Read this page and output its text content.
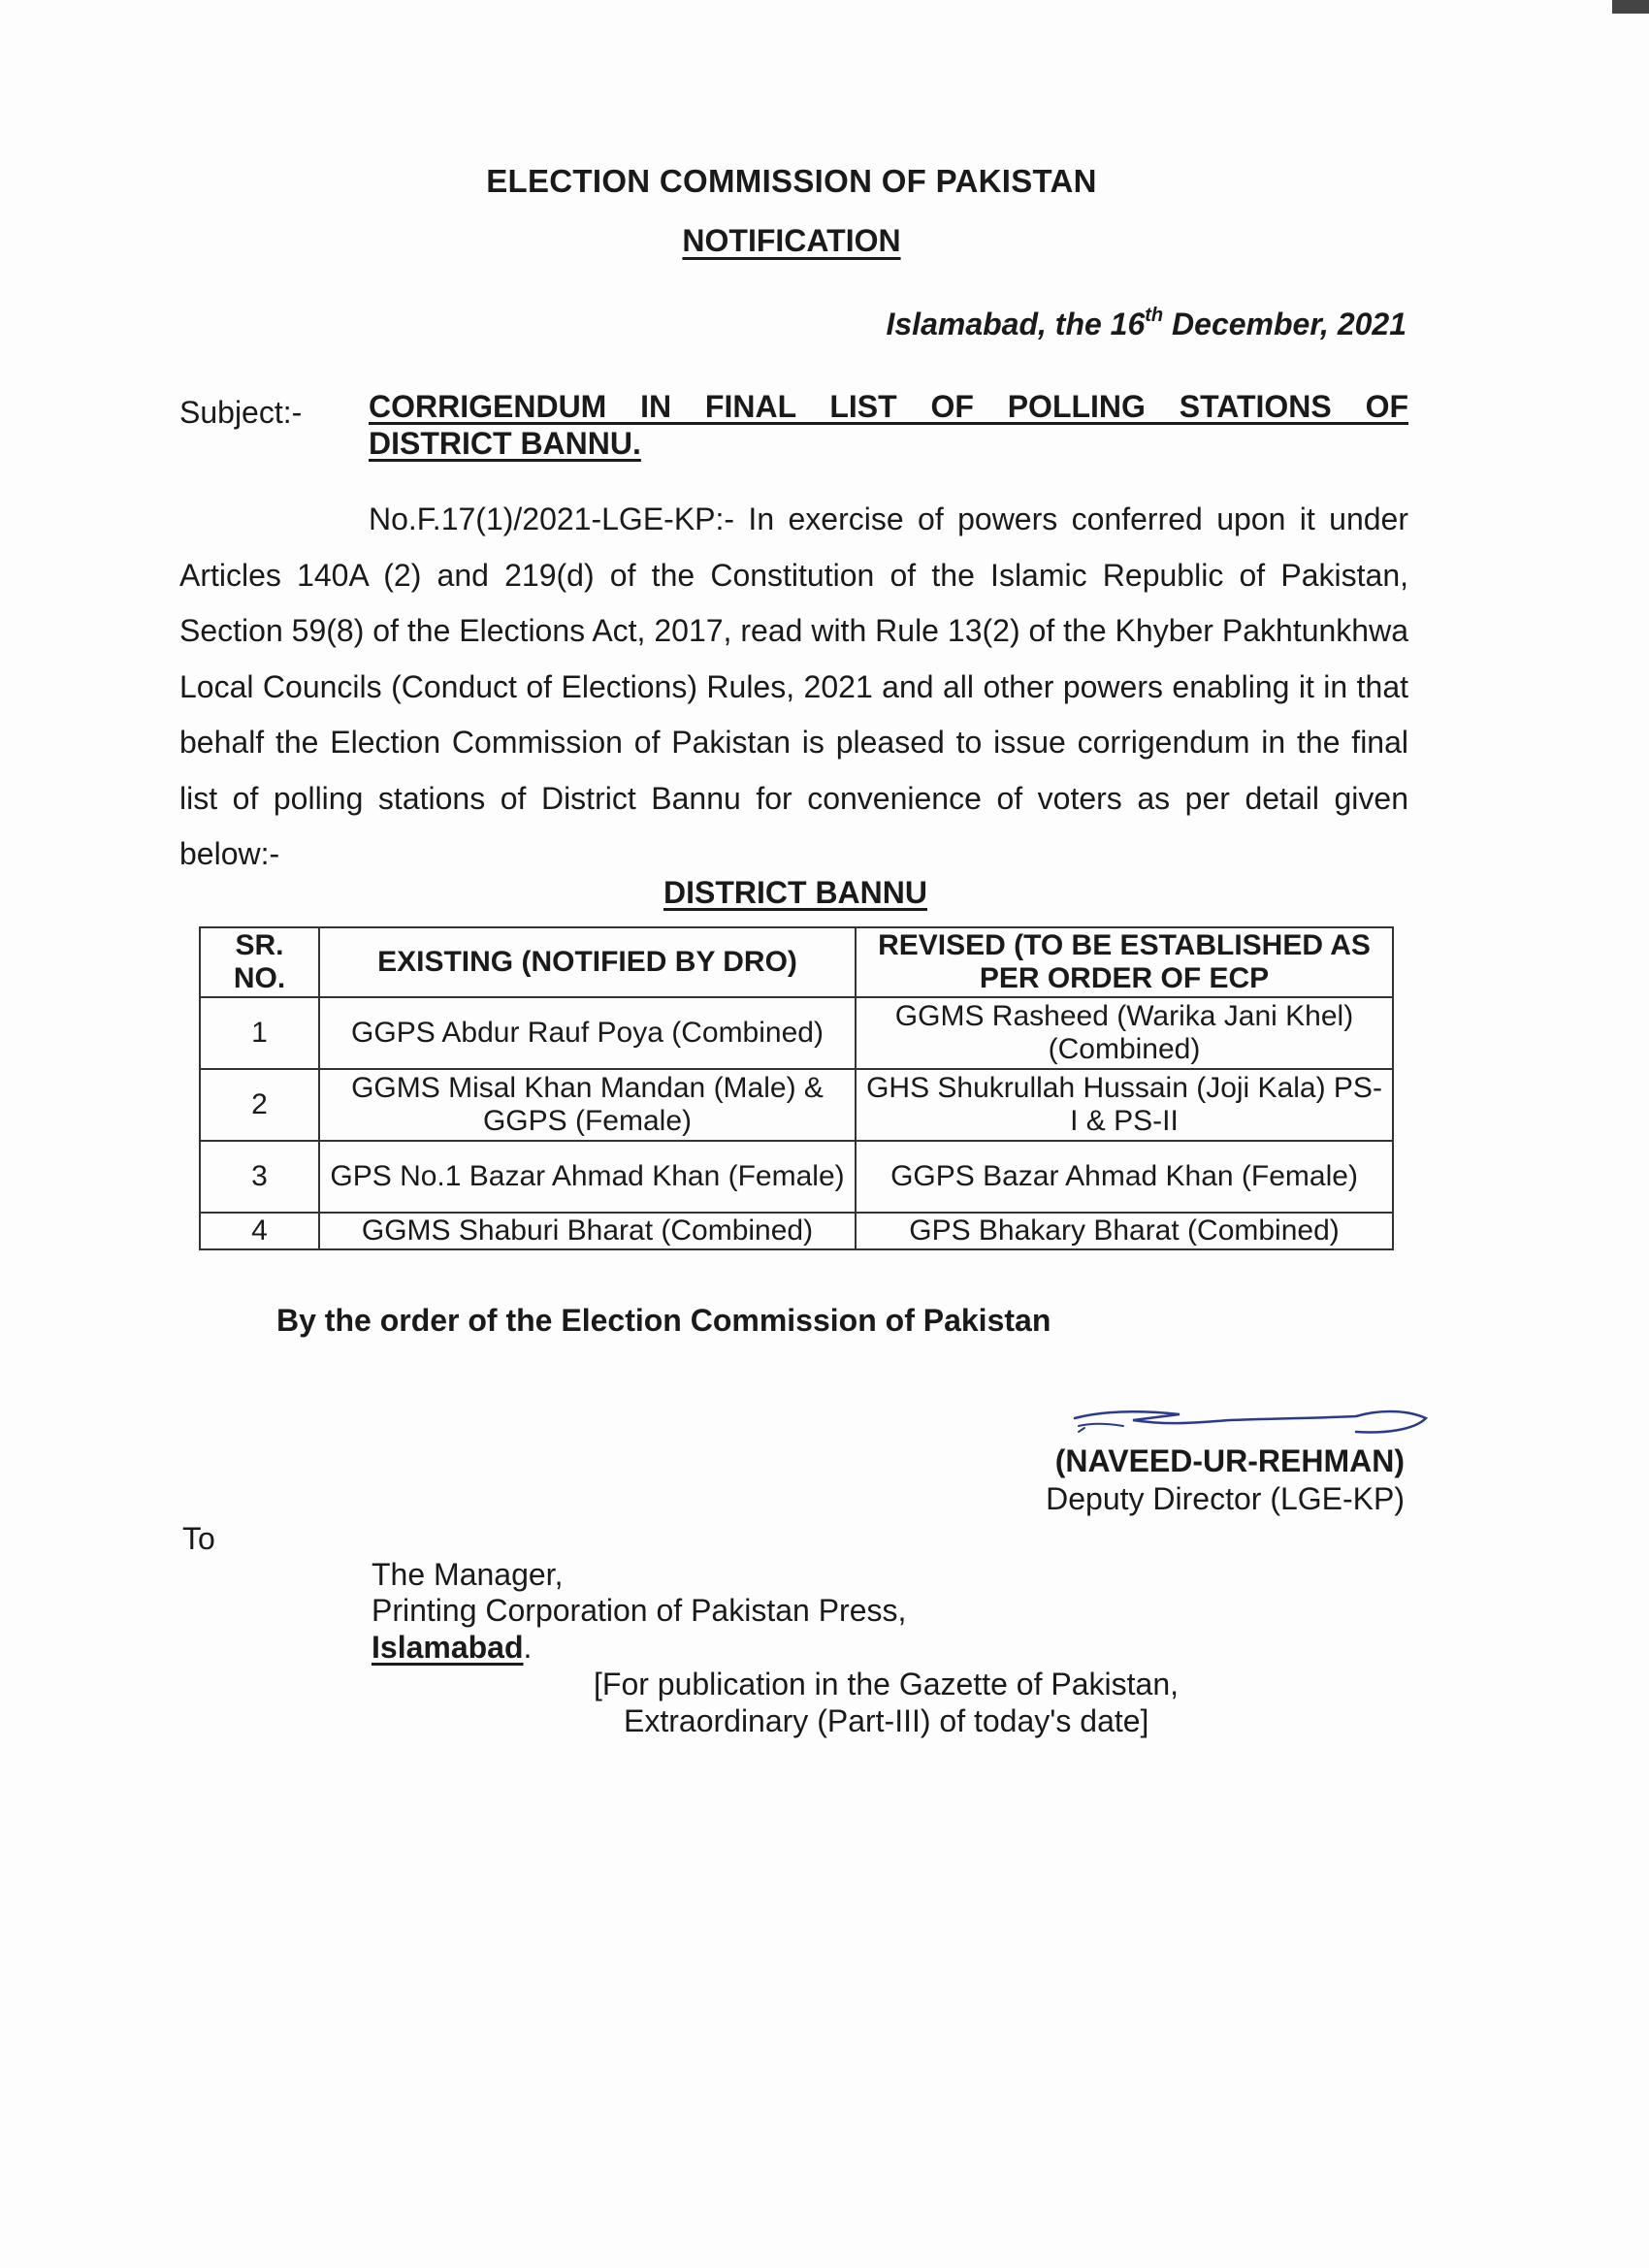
ELECTION COMMISSION OF PAKISTAN
NOTIFICATION
Islamabad, the 16th December, 2021
Subject:- CORRIGENDUM IN FINAL LIST OF POLLING STATIONS OF
DISTRICT BANNU.

No.F.17(1)/2021-LGE-KP:- In exercise of powers conferred upon it under Articles 140A (2) and 219(d) of the Constitution of the Islamic Republic of Pakistan, Section 59(8) of the Elections Act, 2017, read with Rule 13(2) of the Khyber Pakhtunkhwa Local Councils (Conduct of Elections) Rules, 2021 and all other powers enabling it in that behalf the Election Commission of Pakistan is pleased to issue corrigendum in the final list of polling stations of District Bannu for convenience of voters as per detail given below:-

DISTRICT BANNU
SR. NO.	EXISTING (NOTIFIED BY DRO)	REVISED (TO BE ESTABLISHED AS PER ORDER OF ECP
1	GGPS Abdur Rauf Poya (Combined)	GGMS Rasheed (Warika Jani Khel) (Combined)
2	GGMS Misal Khan Mandan (Male) & GGPS (Female)	GHS Shukrullah Hussain (Joji Kala) PS-I & PS-II
3	GPS No.1 Bazar Ahmad Khan (Female)	GGPS Bazar Ahmad Khan (Female)
4	GGMS Shaburi Bharat (Combined)	GPS Bhakary Bharat (Combined)
By the order of the Election Commission of Pakistan
(NAVEED-UR-REHMAN)
Deputy Director (LGE-KP)
To
The Manager,
Printing Corporation of Pakistan Press,
Islamabad.
[For publication in the Gazette of Pakistan,
Extraordinary (Part-III) of today's date]
